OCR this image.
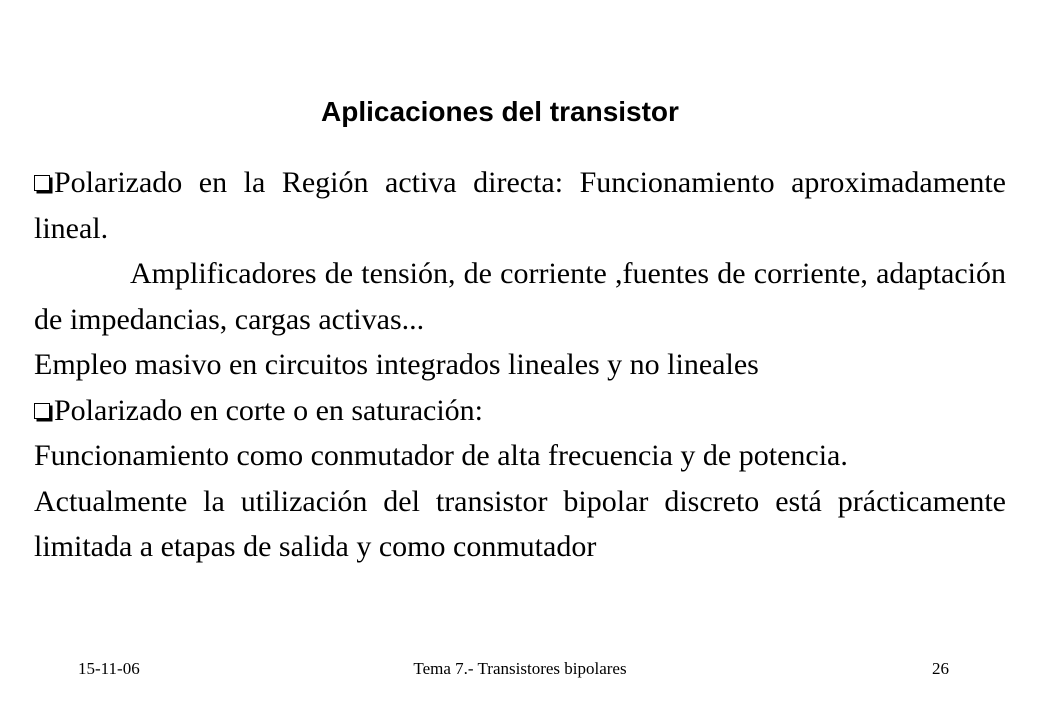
Aplicaciones del transistor

Polarizado en la Región activa directa: Funcionamiento aproximadamente lineal.

Amplificadores de tensión, de corriente ,fuentes de corriente, adaptación de impedancias, cargas activas...

Empleo masivo en circuitos integrados lineales y no lineales

Polarizado en corte o en saturación:

Funcionamiento como conmutador de alta frecuencia y de potencia.

Actualmente la utilización del transistor bipolar discreto está prácticamente limitada a etapas de salida y como conmutador

15-11-06	Tema 7.- Transistores bipolares	26
